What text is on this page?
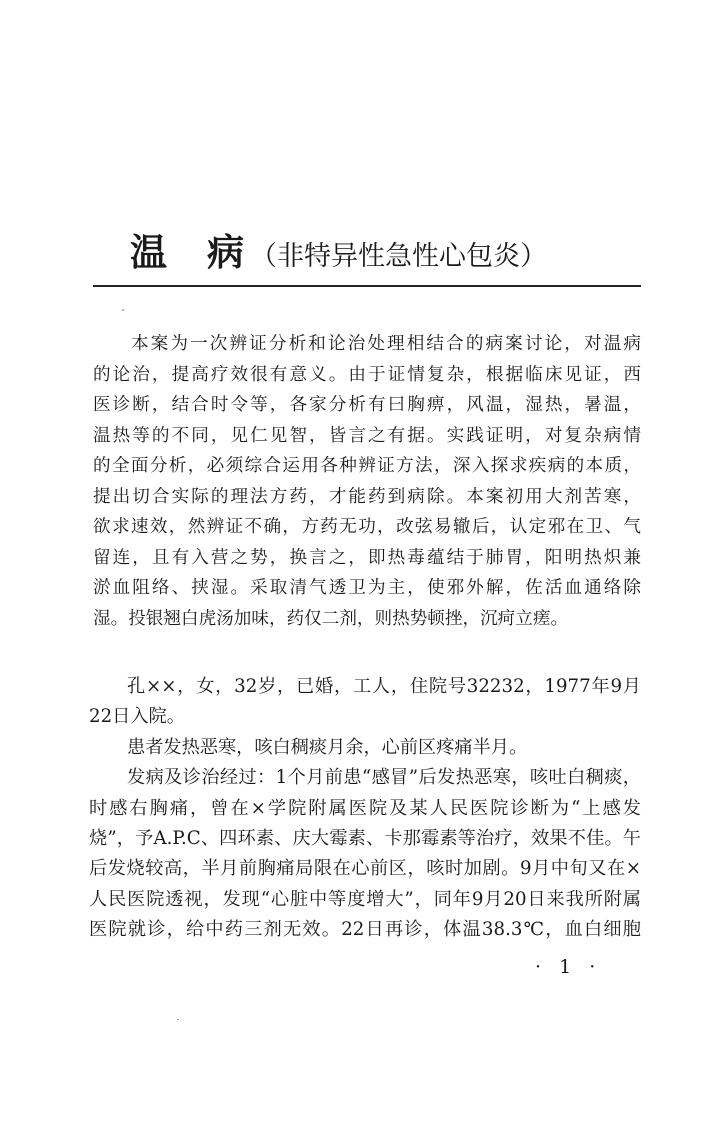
温 病 （非特异性急性心包炎）
本案为一次辨证分析和论治处理相结合的病案讨论，对温病
的论治，提高疗效很有意义。由于证情复杂，根据临床见证，西
医诊断，结合时令等，各家分析有曰胸痹，风温，湿热，暑温，
温热等的不同，见仁见智，皆言之有据。实践证明，对复杂病情
的全面分析，必须综合运用各种辨证方法，深入探求疾病的本质，
提出切合实际的理法方药，才能药到病除。本案初用大剂苦寒，
欲求速效，然辨证不确，方药无功，改弦易辙后，认定邪在卫、气
留连，且有入营之势，换言之，即热毒蕴结于肺胃，阳明热炽兼
淤血阻络、挟湿。采取清气透卫为主，使邪外解，佐活血通络除
湿。投银翘白虎汤加味，药仅二剂，则热势顿挫，沉疴立瘥。
孔××，女，32岁，已婚，工人，住院号32232，1977年9月
22日入院。
患者发热恶寒，咳白稠痰月余，心前区疼痛半月。
发病及诊治经过：1个月前患“感冒”后发热恶寒，咳吐白稠痰，
时感右胸痛，曾在×学院附属医院及某人民医院诊断为“上感发
烧”，予A.P.C、四环素、庆大霉素、卡那霉素等治疗，效果不佳。午
后发烧较高，半月前胸痛局限在心前区，咳时加剧。9月中旬又在×
人民医院透视，发现“心脏中等度增大”，同年9月20日来我所附属
医院就诊，给中药三剂无效。22日再诊，体温38.3℃，血白细胞
· 1 ·
